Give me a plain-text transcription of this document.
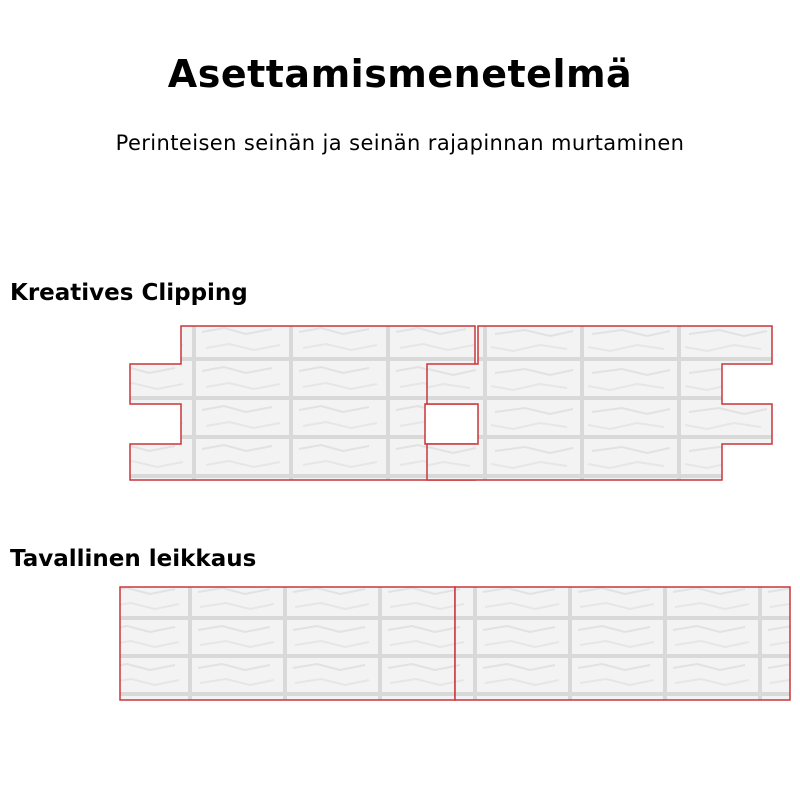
Asettamismenetelmä
Perinteisen seinän ja seinän rajapinnan murtaminen
Kreatives Clipping
Tavallinen leikkaus
